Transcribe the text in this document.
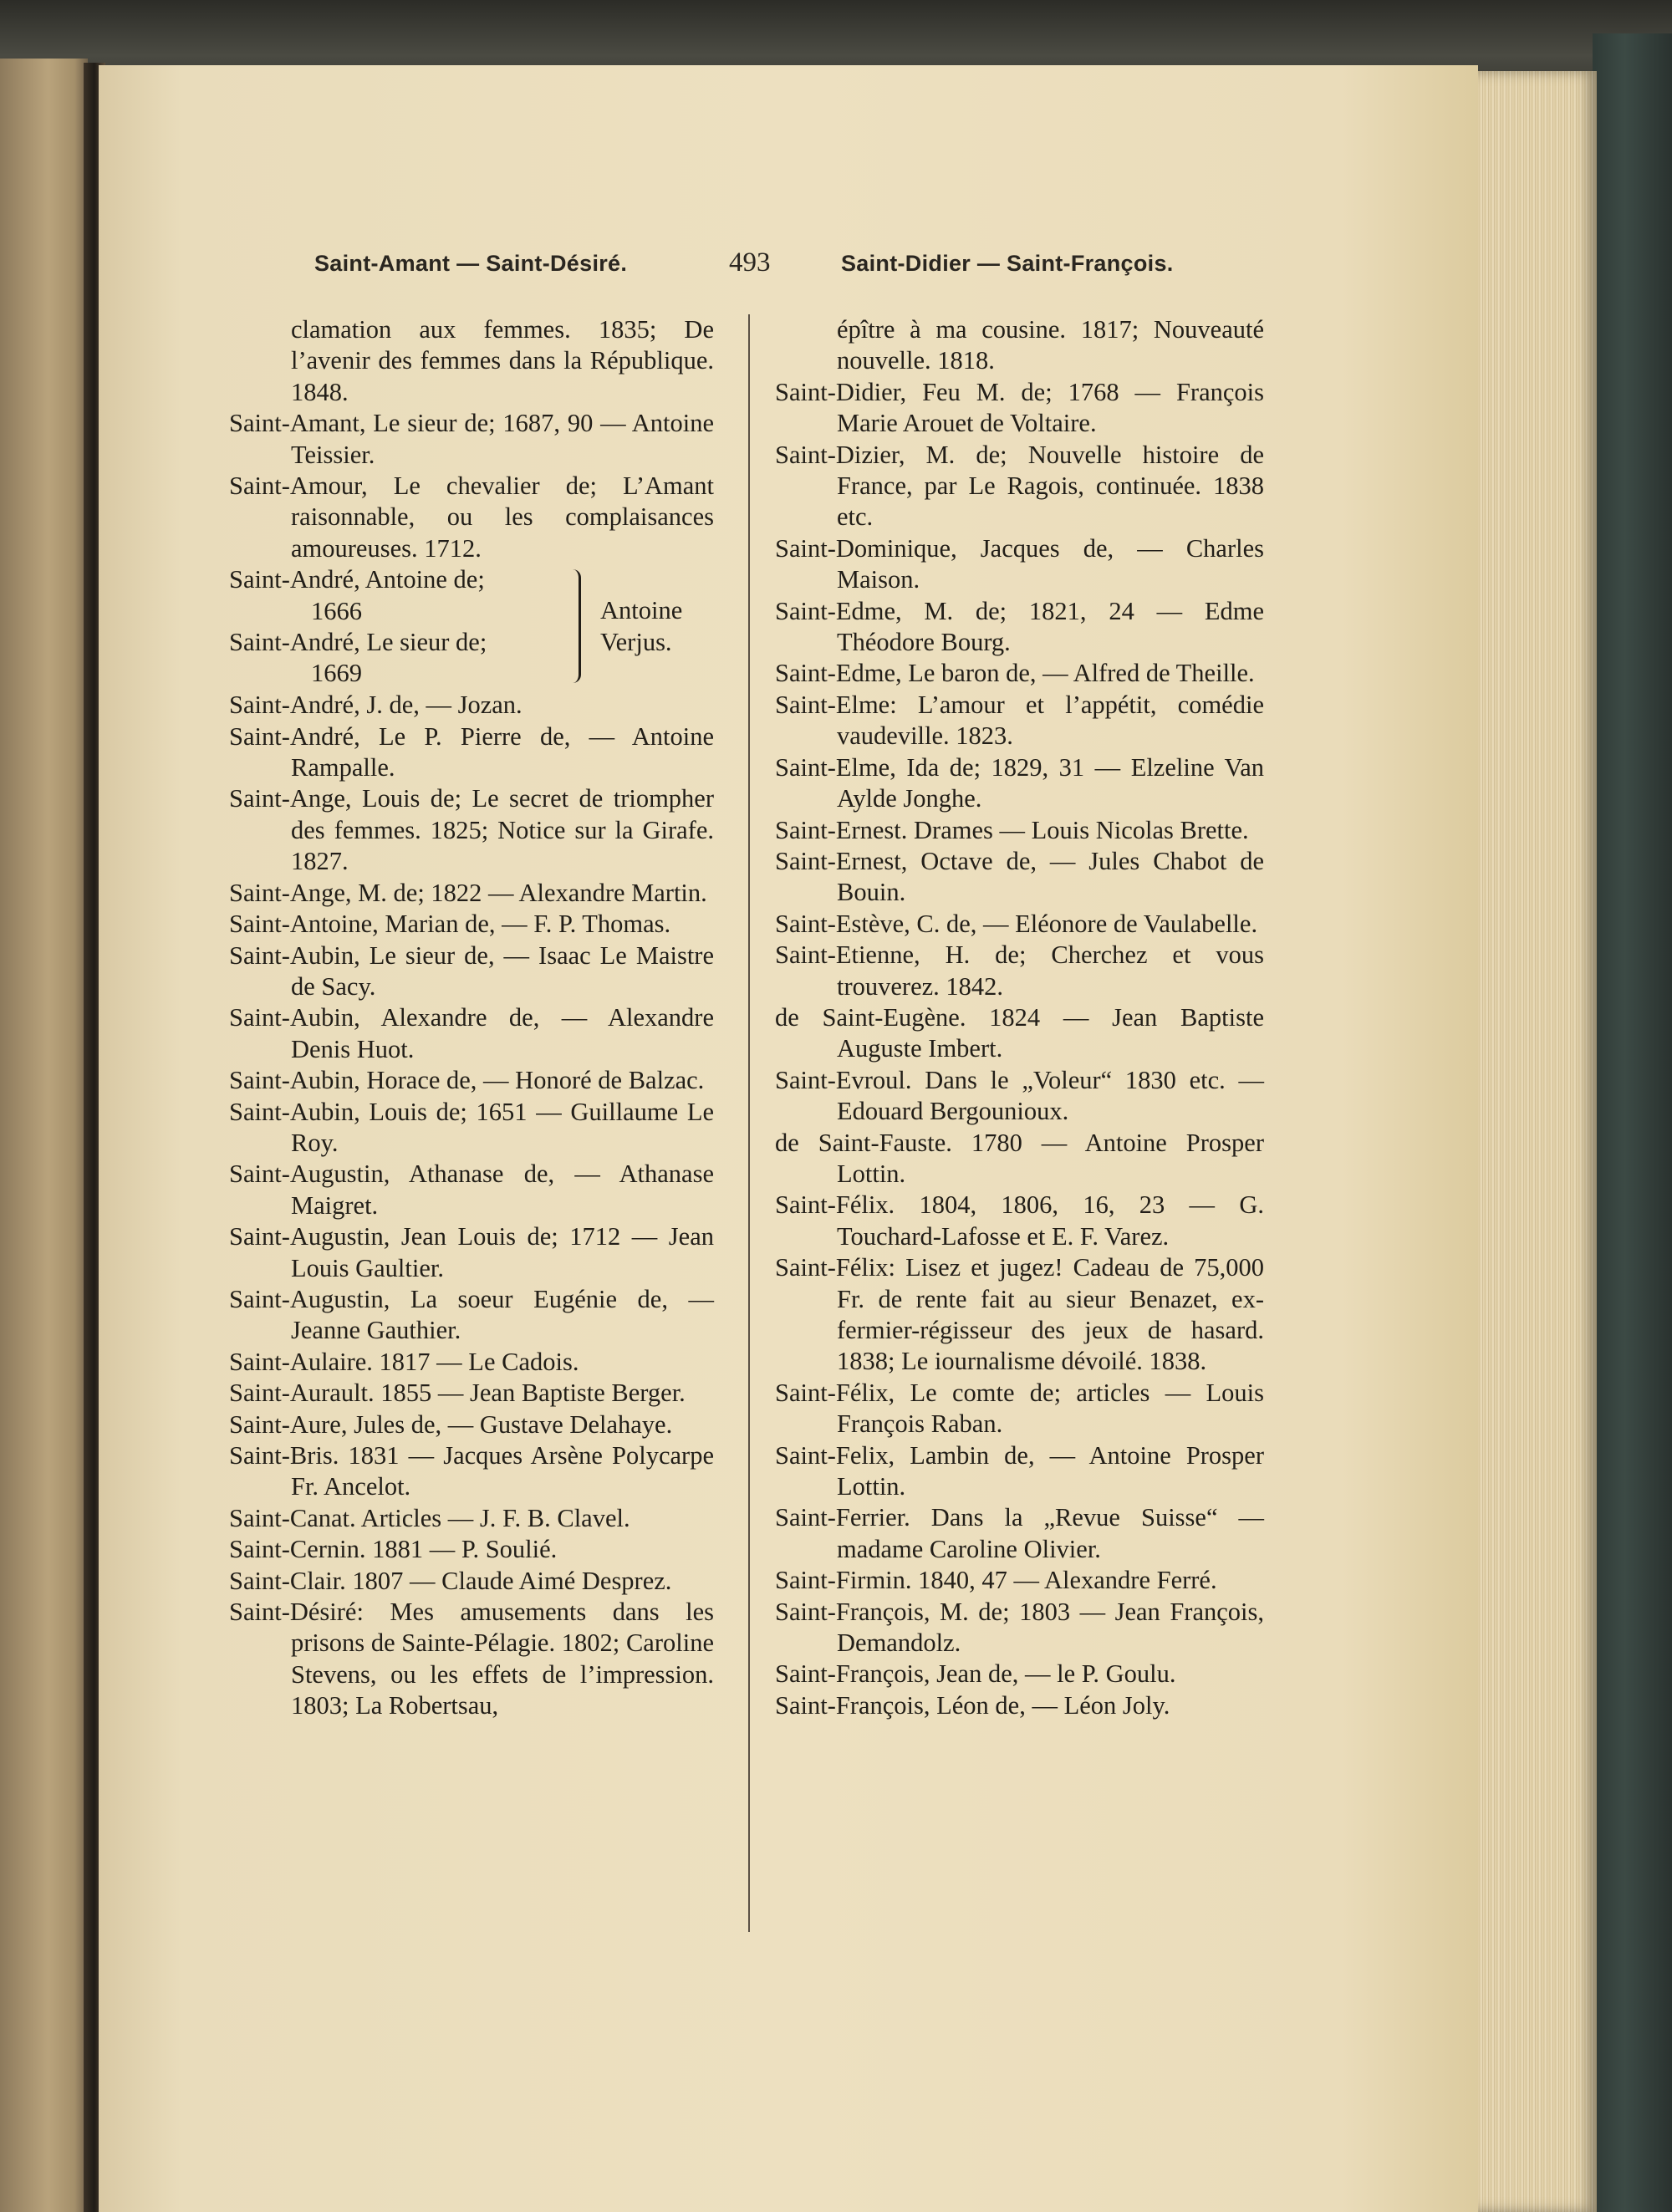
Saint-Amant — Saint-Désiré.	493	Saint-Didier — Saint-François.
clamation aux femmes. 1835; De l’avenir des femmes dans la République. 1848.
Saint-Amant, Le sieur de; 1687, 90 — Antoine Teissier.
Saint-Amour, Le chevalier de; L’Amant raisonnable, ou les complaisances amoureuses. 1712.
Saint-André, Antoine de;
1666
Saint-André, Le sieur de;
1669
Antoine
Verjus.
Saint-André, J. de, — Jozan.
Saint-André, Le P. Pierre de, — Antoine Rampalle.
Saint-Ange, Louis de; Le secret de triompher des femmes. 1825; Notice sur la Girafe. 1827.
Saint-Ange, M. de; 1822 — Alexandre Martin.
Saint-Antoine, Marian de, — F. P. Thomas.
Saint-Aubin, Le sieur de, — Isaac Le Maistre de Sacy.
Saint-Aubin, Alexandre de, — Alexandre Denis Huot.
Saint-Aubin, Horace de, — Honoré de Balzac.
Saint-Aubin, Louis de; 1651 — Guillaume Le Roy.
Saint-Augustin, Athanase de, — Athanase Maigret.
Saint-Augustin, Jean Louis de; 1712 — Jean Louis Gaultier.
Saint-Augustin, La soeur Eugénie de, — Jeanne Gauthier.
Saint-Aulaire. 1817 — Le Cadois.
Saint-Aurault. 1855 — Jean Baptiste Berger.
Saint-Aure, Jules de, — Gustave Delahaye.
Saint-Bris. 1831 — Jacques Arsène Polycarpe Fr. Ancelot.
Saint-Canat. Articles — J. F. B. Clavel.
Saint-Cernin. 1881 — P. Soulié.
Saint-Clair. 1807 — Claude Aimé Desprez.
Saint-Désiré: Mes amusements dans les prisons de Sainte-Pélagie. 1802; Caroline Stevens, ou les effets de l’impression. 1803; La Robertsau,
épître à ma cousine. 1817; Nouveauté nouvelle. 1818.
Saint-Didier, Feu M. de; 1768 — François Marie Arouet de Voltaire.
Saint-Dizier, M. de; Nouvelle histoire de France, par Le Ragois, continuée. 1838 etc.
Saint-Dominique, Jacques de, — Charles Maison.
Saint-Edme, M. de; 1821, 24 — Edme Théodore Bourg.
Saint-Edme, Le baron de, — Alfred de Theille.
Saint-Elme: L’amour et l’appétit, comédie vaudeville. 1823.
Saint-Elme, Ida de; 1829, 31 — Elzeline Van Aylde Jonghe.
Saint-Ernest. Drames — Louis Nicolas Brette.
Saint-Ernest, Octave de, — Jules Chabot de Bouin.
Saint-Estève, C. de, — Eléonore de Vaulabelle.
Saint-Etienne, H. de; Cherchez et vous trouverez. 1842.
de Saint-Eugène. 1824 — Jean Baptiste Auguste Imbert.
Saint-Evroul. Dans le „Voleur“ 1830 etc. — Edouard Bergounioux.
de Saint-Fauste. 1780 — Antoine Prosper Lottin.
Saint-Félix. 1804, 1806, 16, 23 — G. Touchard-Lafosse et E. F. Varez.
Saint-Félix: Lisez et jugez! Cadeau de 75,000 Fr. de rente fait au sieur Benazet, ex-fermier-régisseur des jeux de hasard. 1838; Le iournalisme dévoilé. 1838.
Saint-Félix, Le comte de; articles — Louis François Raban.
Saint-Felix, Lambin de, — Antoine Prosper Lottin.
Saint-Ferrier. Dans la „Revue Suisse“ — madame Caroline Olivier.
Saint-Firmin. 1840, 47 — Alexandre Ferré.
Saint-François, M. de; 1803 — Jean François, Demandolz.
Saint-François, Jean de, — le P. Goulu.
Saint-François, Léon de, — Léon Joly.
